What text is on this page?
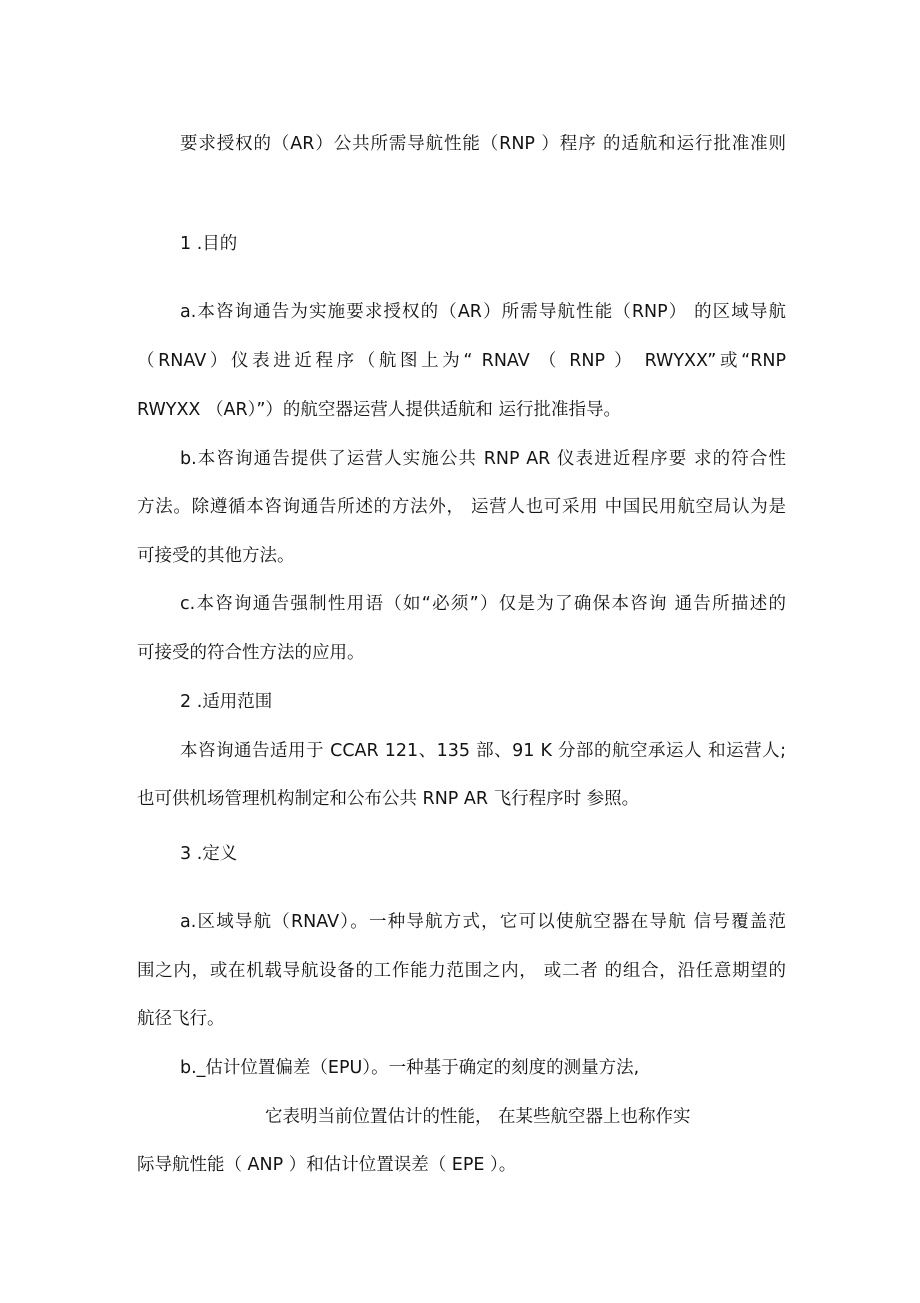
要求授权的（AR）公共所需导航性能（RNP ）程序 的适航和运行批准准则
1 .目的
a.本咨询通告为实施要求授权的（AR）所需导航性能（RNP） 的区域导航
（RNAV）仪表进近程序（航图上为“ RNAV （ RNP ） RWYXX”或“RNP
RWYXX （AR）”）的航空器运营人提供适航和 运行批准指导。
b.本咨询通告提供了运营人实施公共 RNP AR 仪表进近程序要 求的符合性
方法。除遵循本咨询通告所述的方法外， 运营人也可采用 中国民用航空局认为是
可接受的其他方法。
c.本咨询通告强制性用语（如“必须”）仅是为了确保本咨询 通告所描述的
可接受的符合性方法的应用。
2 .适用范围
本咨询通告适用于 CCAR 121、135 部、91 K 分部的航空承运人 和运营人;
也可供机场管理机构制定和公布公共 RNP AR 飞行程序时 参照。
3 .定义
a.区域导航（RNAV）。一种导航方式，它可以使航空器在导航 信号覆盖范
围之内，或在机载导航设备的工作能力范围之内， 或二者 的组合，沿任意期望的
航径飞行。
b._估计位置偏差（EPU）。一种基于确定的刻度的测量方法,
它表明当前位置估计的性能， 在某些航空器上也称作实
际导航性能（ ANP ）和估计位置误差（ EPE ）。
